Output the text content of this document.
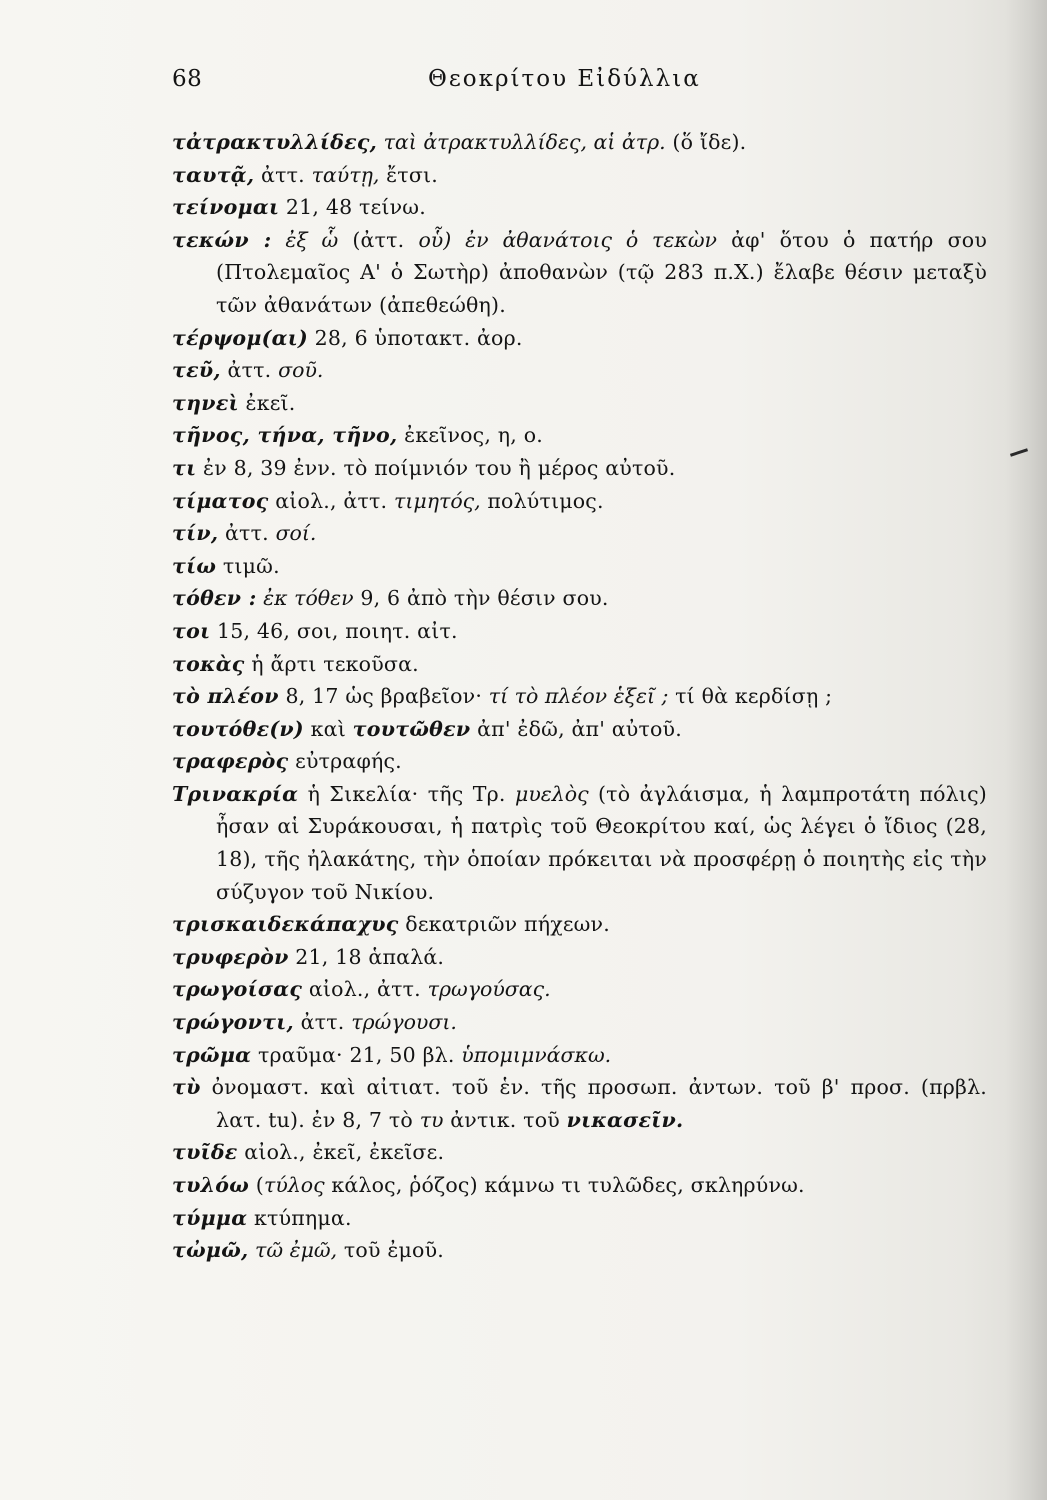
68	Θεοκρίτου Εἰδύλλια

τἀτρακτυλλίδες, ταὶ ἀτρακτυλλίδες, αἱ ἀτρ. (ὅ ἴδε).

ταυτᾷ, ἀττ. ταύτῃ, ἔτσι.

τείνομαι 21, 48 τείνω.

τεκών : ἐξ ὧ (ἀττ. οὗ) ἐν ἀθανάτοις ὁ τεκὼν ἀφ' ὅτου ὁ πατήρ σου (Πτολεμαῖος Α' ὁ Σωτὴρ) ἀποθανὼν (τῷ 283 π.Χ.) ἔλαβε θέσιν μεταξὺ τῶν ἀθανάτων (ἀπεθεώθη).

τέρψομ(αι) 28, 6 ὑποτακτ. ἀορ.

τεῦ, ἀττ. σοῦ.

τηνεὶ ἐκεῖ.

τῆνος, τήνα, τῆνο, ἐκεῖνος, η, ο.

τι ἐν 8, 39 ἐνν. τὸ ποίμνιόν του ἢ μέρος αὐτοῦ.

τίματος αἰολ., ἀττ. τιμητός, πολύτιμος.

τίν, ἀττ. σοί.

τίω τιμῶ.

τόθεν : ἐκ τόθεν 9, 6 ἀπὸ τὴν θέσιν σου.

τοι 15, 46, σοι, ποιητ. αἰτ.

τοκὰς ἡ ἄρτι τεκοῦσα.

τὸ πλέον 8, 17 ὡς βραβεῖον· τί τὸ πλέον ἑξεῖ ; τί θὰ κερδίσῃ ;

τουτόθε(ν) καὶ τουτῶθεν ἀπ' ἐδῶ, ἀπ' αὐτοῦ.

τραφερὸς εὐτραφής.

Τρινακρία ἡ Σικελία· τῆς Τρ. μυελὸς (τὸ ἀγλάισμα, ἡ λαμπροτάτη πόλις) ἦσαν αἱ Συράκουσαι, ἡ πατρὶς τοῦ Θεοκρίτου καί, ὡς λέγει ὁ ἴδιος (28, 18), τῆς ἠλακάτης, τὴν ὁποίαν πρόκειται νὰ προσφέρῃ ὁ ποιητὴς εἰς τὴν σύζυγον τοῦ Νικίου.

τρισκαιδεκάπαχυς δεκατριῶν πήχεων.

τρυφερὸν 21, 18 ἁπαλά.

τρωγοίσας αἰολ., ἀττ. τρωγούσας.

τρώγοντι, ἀττ. τρώγουσι.

τρῶμα τραῦμα· 21, 50 βλ. ὑπομιμνάσκω.

τὺ ὀνομαστ. καὶ αἰτιατ. τοῦ ἑν. τῆς προσωπ. ἀντων. τοῦ β' προσ. (πρβλ. λατ. tu). ἐν 8, 7 τὸ τυ ἀντικ. τοῦ νικασεῖν.

τυῖδε αἰολ., ἐκεῖ, ἐκεῖσε.

τυλόω (τύλος κάλος, ῥόζος) κάμνω τι τυλῶδες, σκληρύνω.

τύμμα κτύπημα.

τὠμῶ, τῶ ἐμῶ, τοῦ ἐμοῦ.
